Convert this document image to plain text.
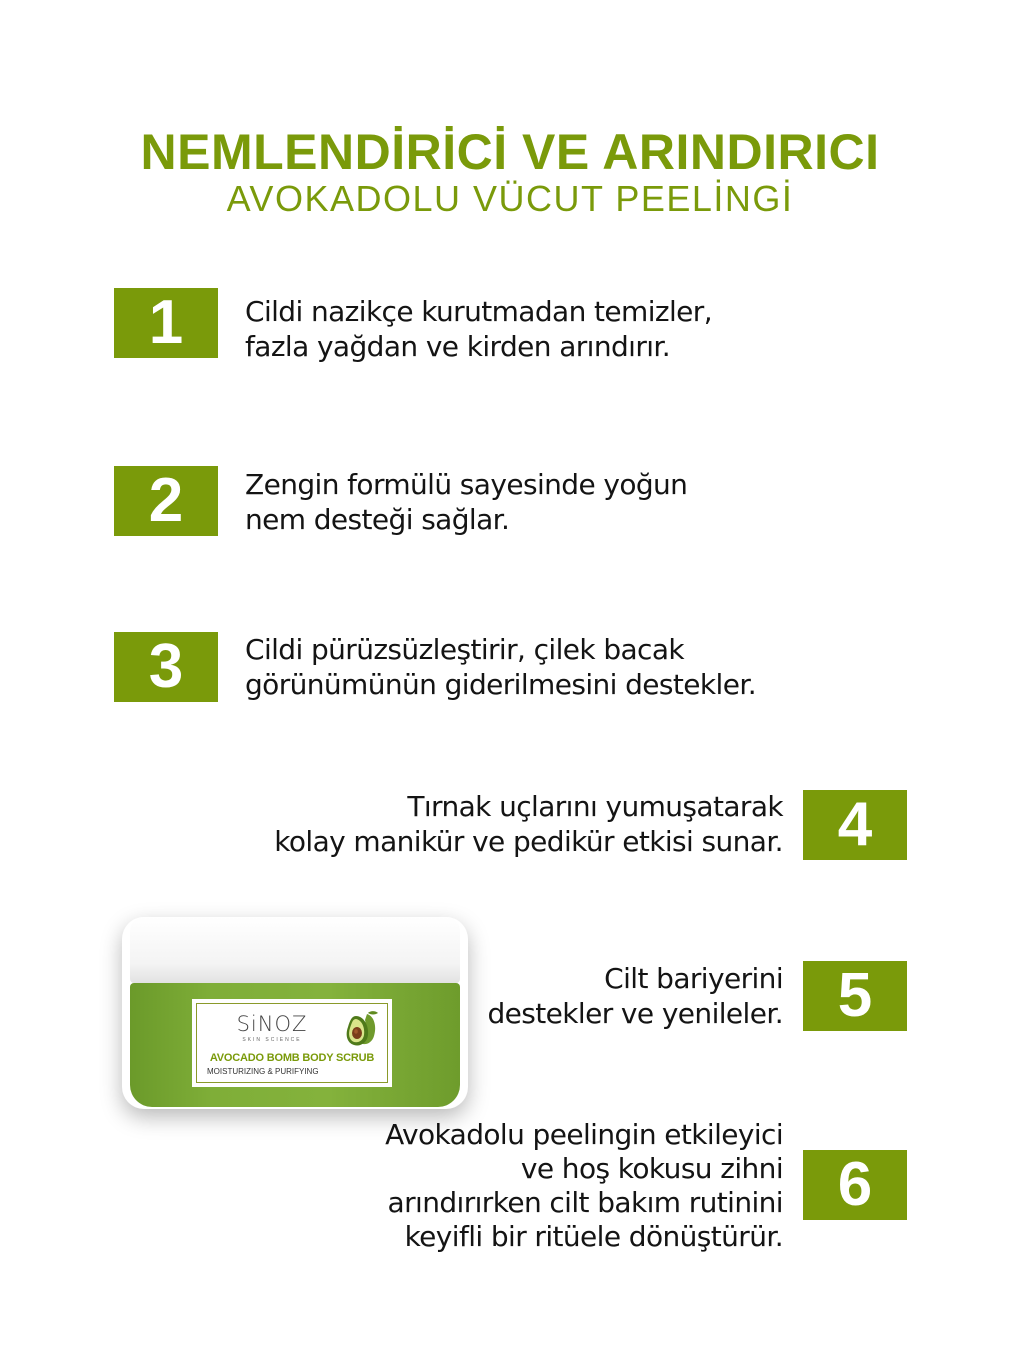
NEMLENDİRİCİ VE ARINDIRICI
AVOKADOLU VÜCUT PEELİNGİ
1	Cildi nazikçe kurutmadan temizler,
fazla yağdan ve kirden arındırır.
2	Zengin formülü sayesinde yoğun
nem desteği sağlar.
3	Cildi pürüzsüzleştirir, çilek bacak
görünümünün giderilmesini destekler.
4
Tırnak uçlarını yumuşatarak
kolay manikür ve pedikür etkisi sunar.
5
Cilt bariyerini
destekler ve yenileler.
6
Avokadolu peelingin etkileyici
ve hoş kokusu zihni
arındırırken cilt bakım rutinini
keyifli bir ritüele dönüştürür.
SiNOZ
SKIN SCIENCE
AVOCADO BOMB BODY SCRUB
MOISTURIZING & PURIFYING
